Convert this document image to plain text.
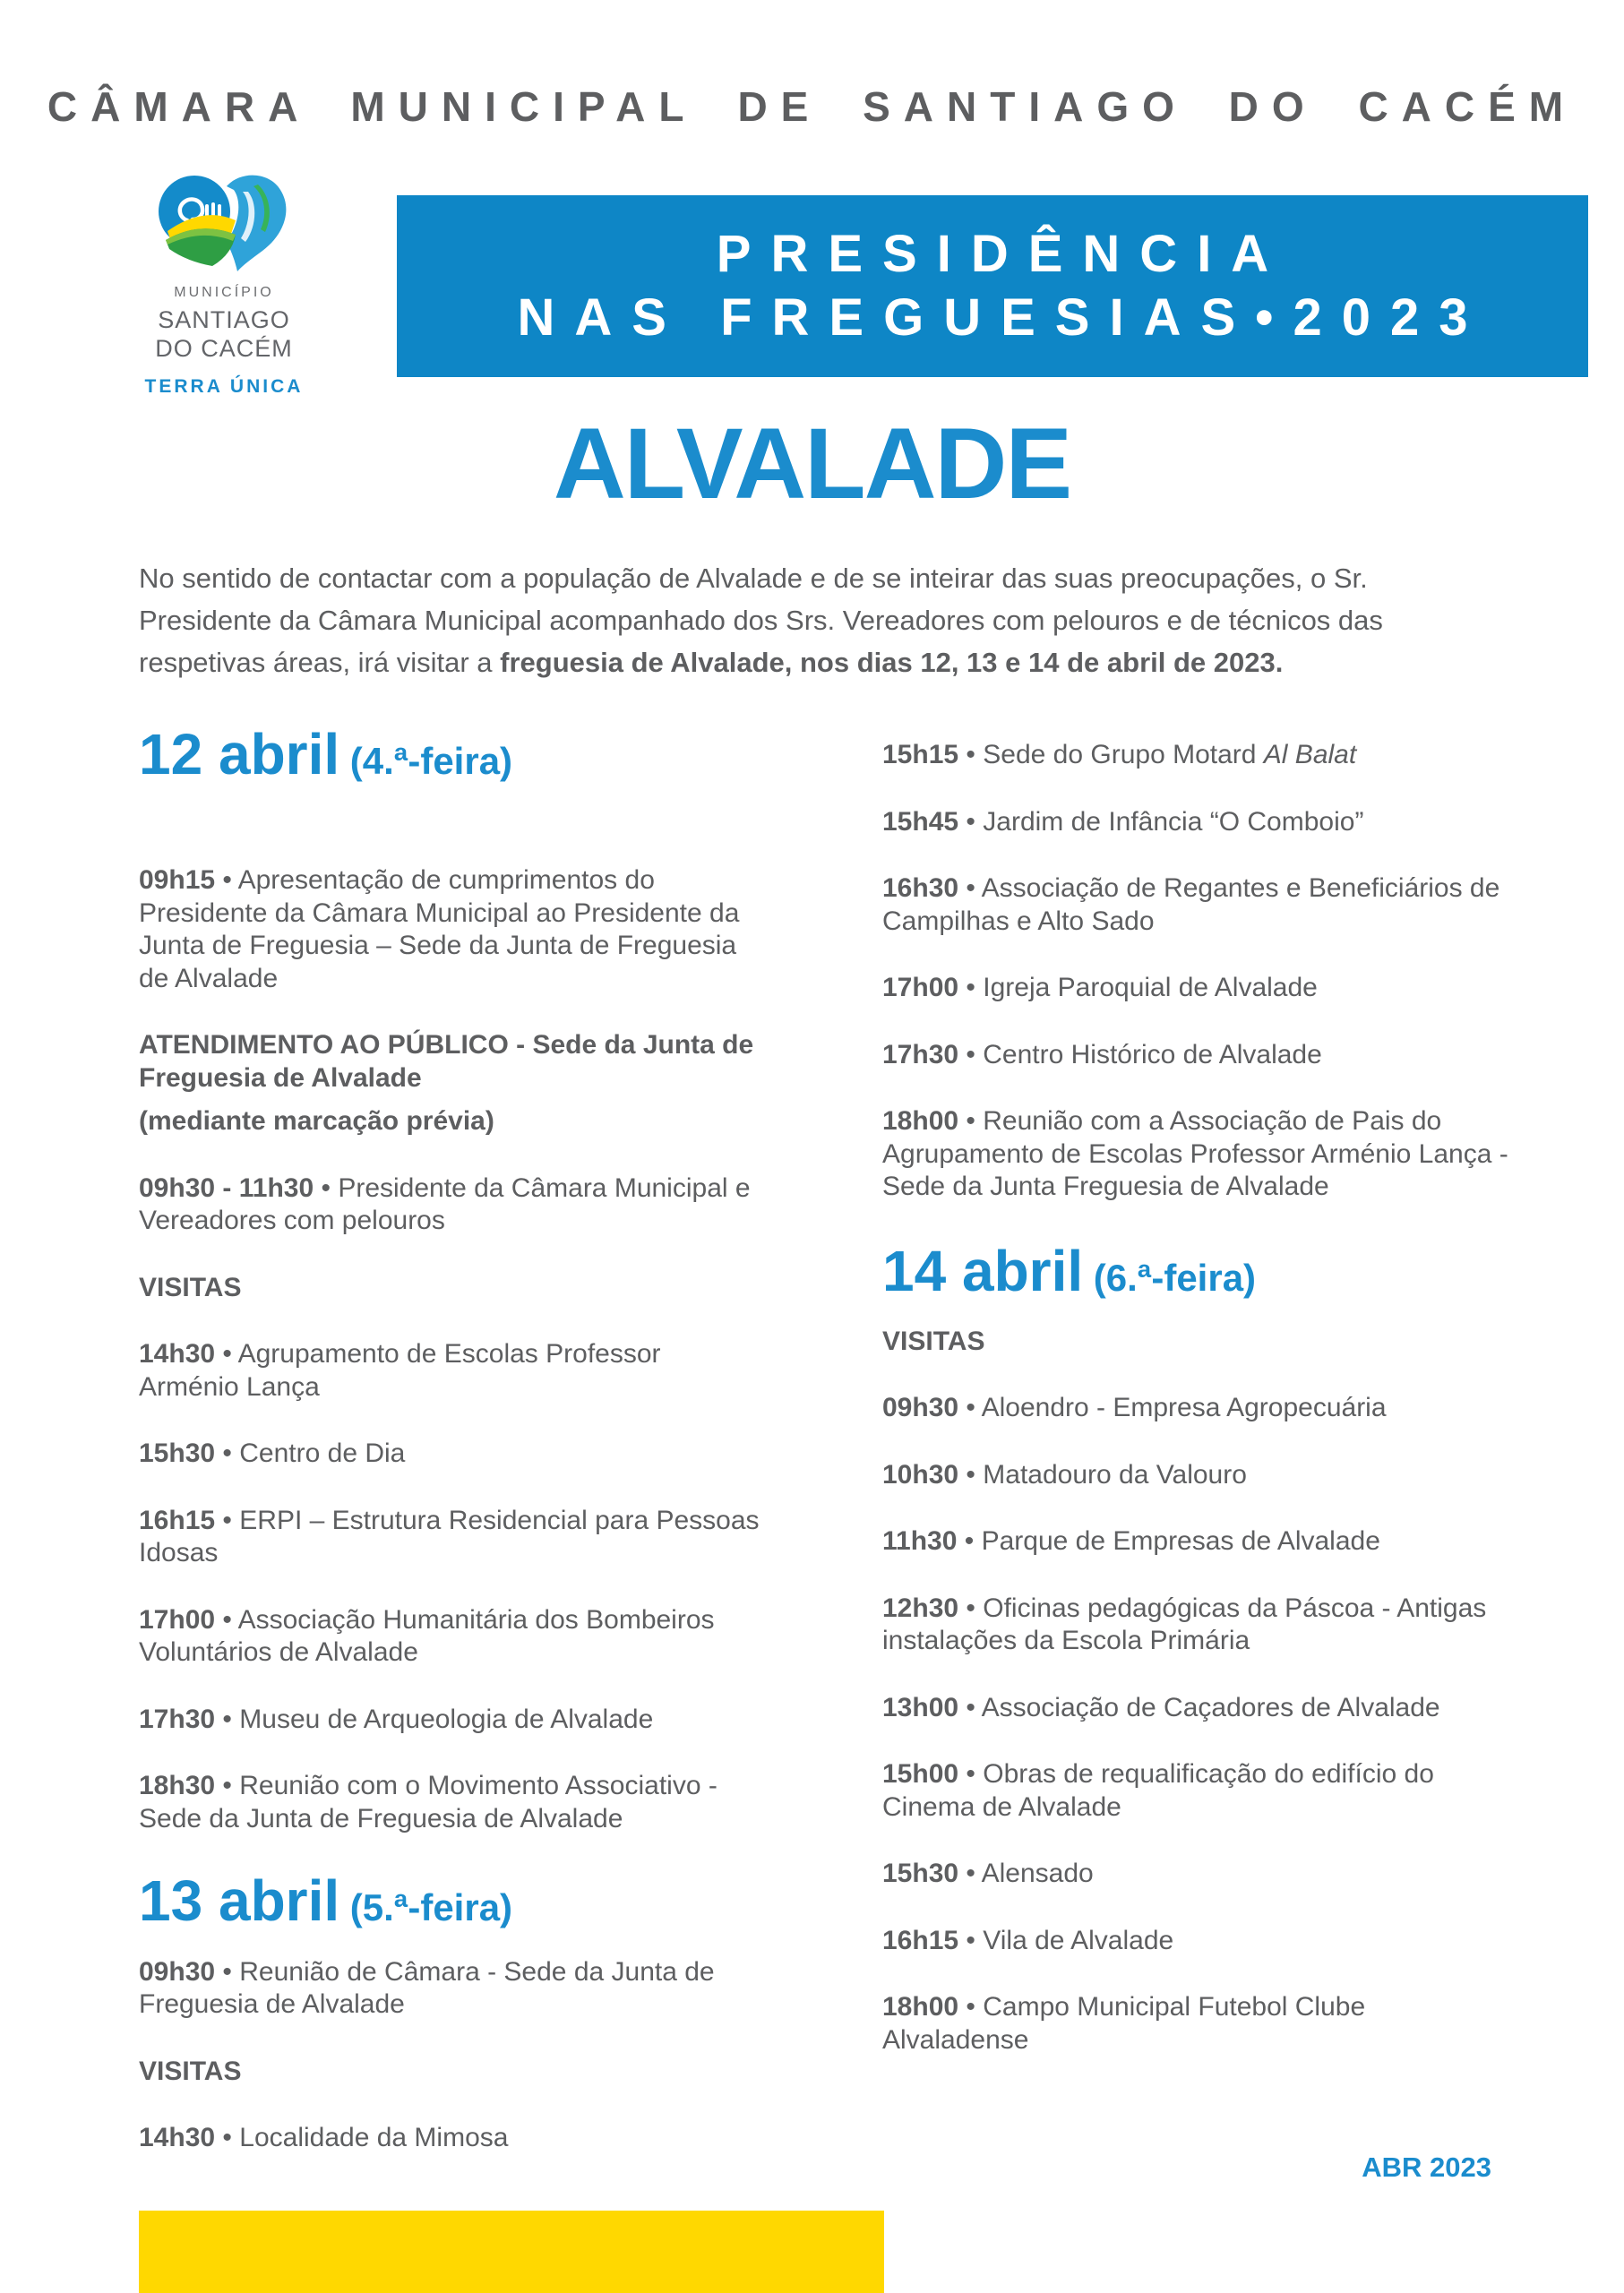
CÂMARA MUNICIPAL DE SANTIAGO DO CACÉM
MUNICÍPIO
SANTIAGO
DO CACÉM
TERRA ÚNICA
PRESIDÊNCIA
NAS FREGUESIAS•2023
ALVALADE
No sentido de contactar com a população de Alvalade e de se inteirar das suas preocupações, o Sr. Presidente da Câmara Municipal acompanhado dos Srs. Vereadores com pelouros e de técnicos das respetivas áreas, irá visitar a freguesia de Alvalade, nos dias 12, 13 e 14 de abril de 2023.
12 abril (4.ª-feira)

09h15 • Apresentação de cumprimentos do Presidente da Câmara Municipal ao Presidente da Junta de Freguesia – Sede da Junta de Freguesia de Alvalade

ATENDIMENTO AO PÚBLICO - Sede da Junta de Freguesia de Alvalade
(mediante marcação prévia)

09h30 - 11h30 • Presidente da Câmara Municipal e Vereadores com pelouros

VISITAS

14h30 • Agrupamento de Escolas Professor Arménio Lança

15h30 • Centro de Dia

16h15 • ERPI – Estrutura Residencial para Pessoas Idosas

17h00 • Associação Humanitária dos Bombeiros Voluntários de Alvalade

17h30 • Museu de Arqueologia de Alvalade

18h30 • Reunião com o Movimento Associativo - Sede da Junta de Freguesia de Alvalade

13 abril (5.ª-feira)

09h30 • Reunião de Câmara - Sede da Junta de Freguesia de Alvalade

VISITAS

14h30 • Localidade da Mimosa

15h15 • Sede do Grupo Motard Al Balat

15h45 • Jardim de Infância “O Comboio”

16h30 • Associação de Regantes e Beneficiários de Campilhas e Alto Sado

17h00 • Igreja Paroquial de Alvalade

17h30 • Centro Histórico de Alvalade

18h00 • Reunião com a Associação de Pais do Agrupamento de Escolas Professor Arménio Lança - Sede da Junta Freguesia de Alvalade

14 abril (6.ª-feira)

VISITAS

09h30 • Aloendro - Empresa Agropecuária

10h30 • Matadouro da Valouro

11h30 • Parque de Empresas de Alvalade

12h30 • Oficinas pedagógicas da Páscoa - Antigas instalações da Escola Primária

13h00 • Associação de Caçadores de Alvalade

15h00 • Obras de requalificação do edifício do Cinema de Alvalade

15h30 • Alensado

16h15 • Vila de Alvalade

18h00 • Campo Municipal Futebol Clube Alvaladense

ABR 2023
